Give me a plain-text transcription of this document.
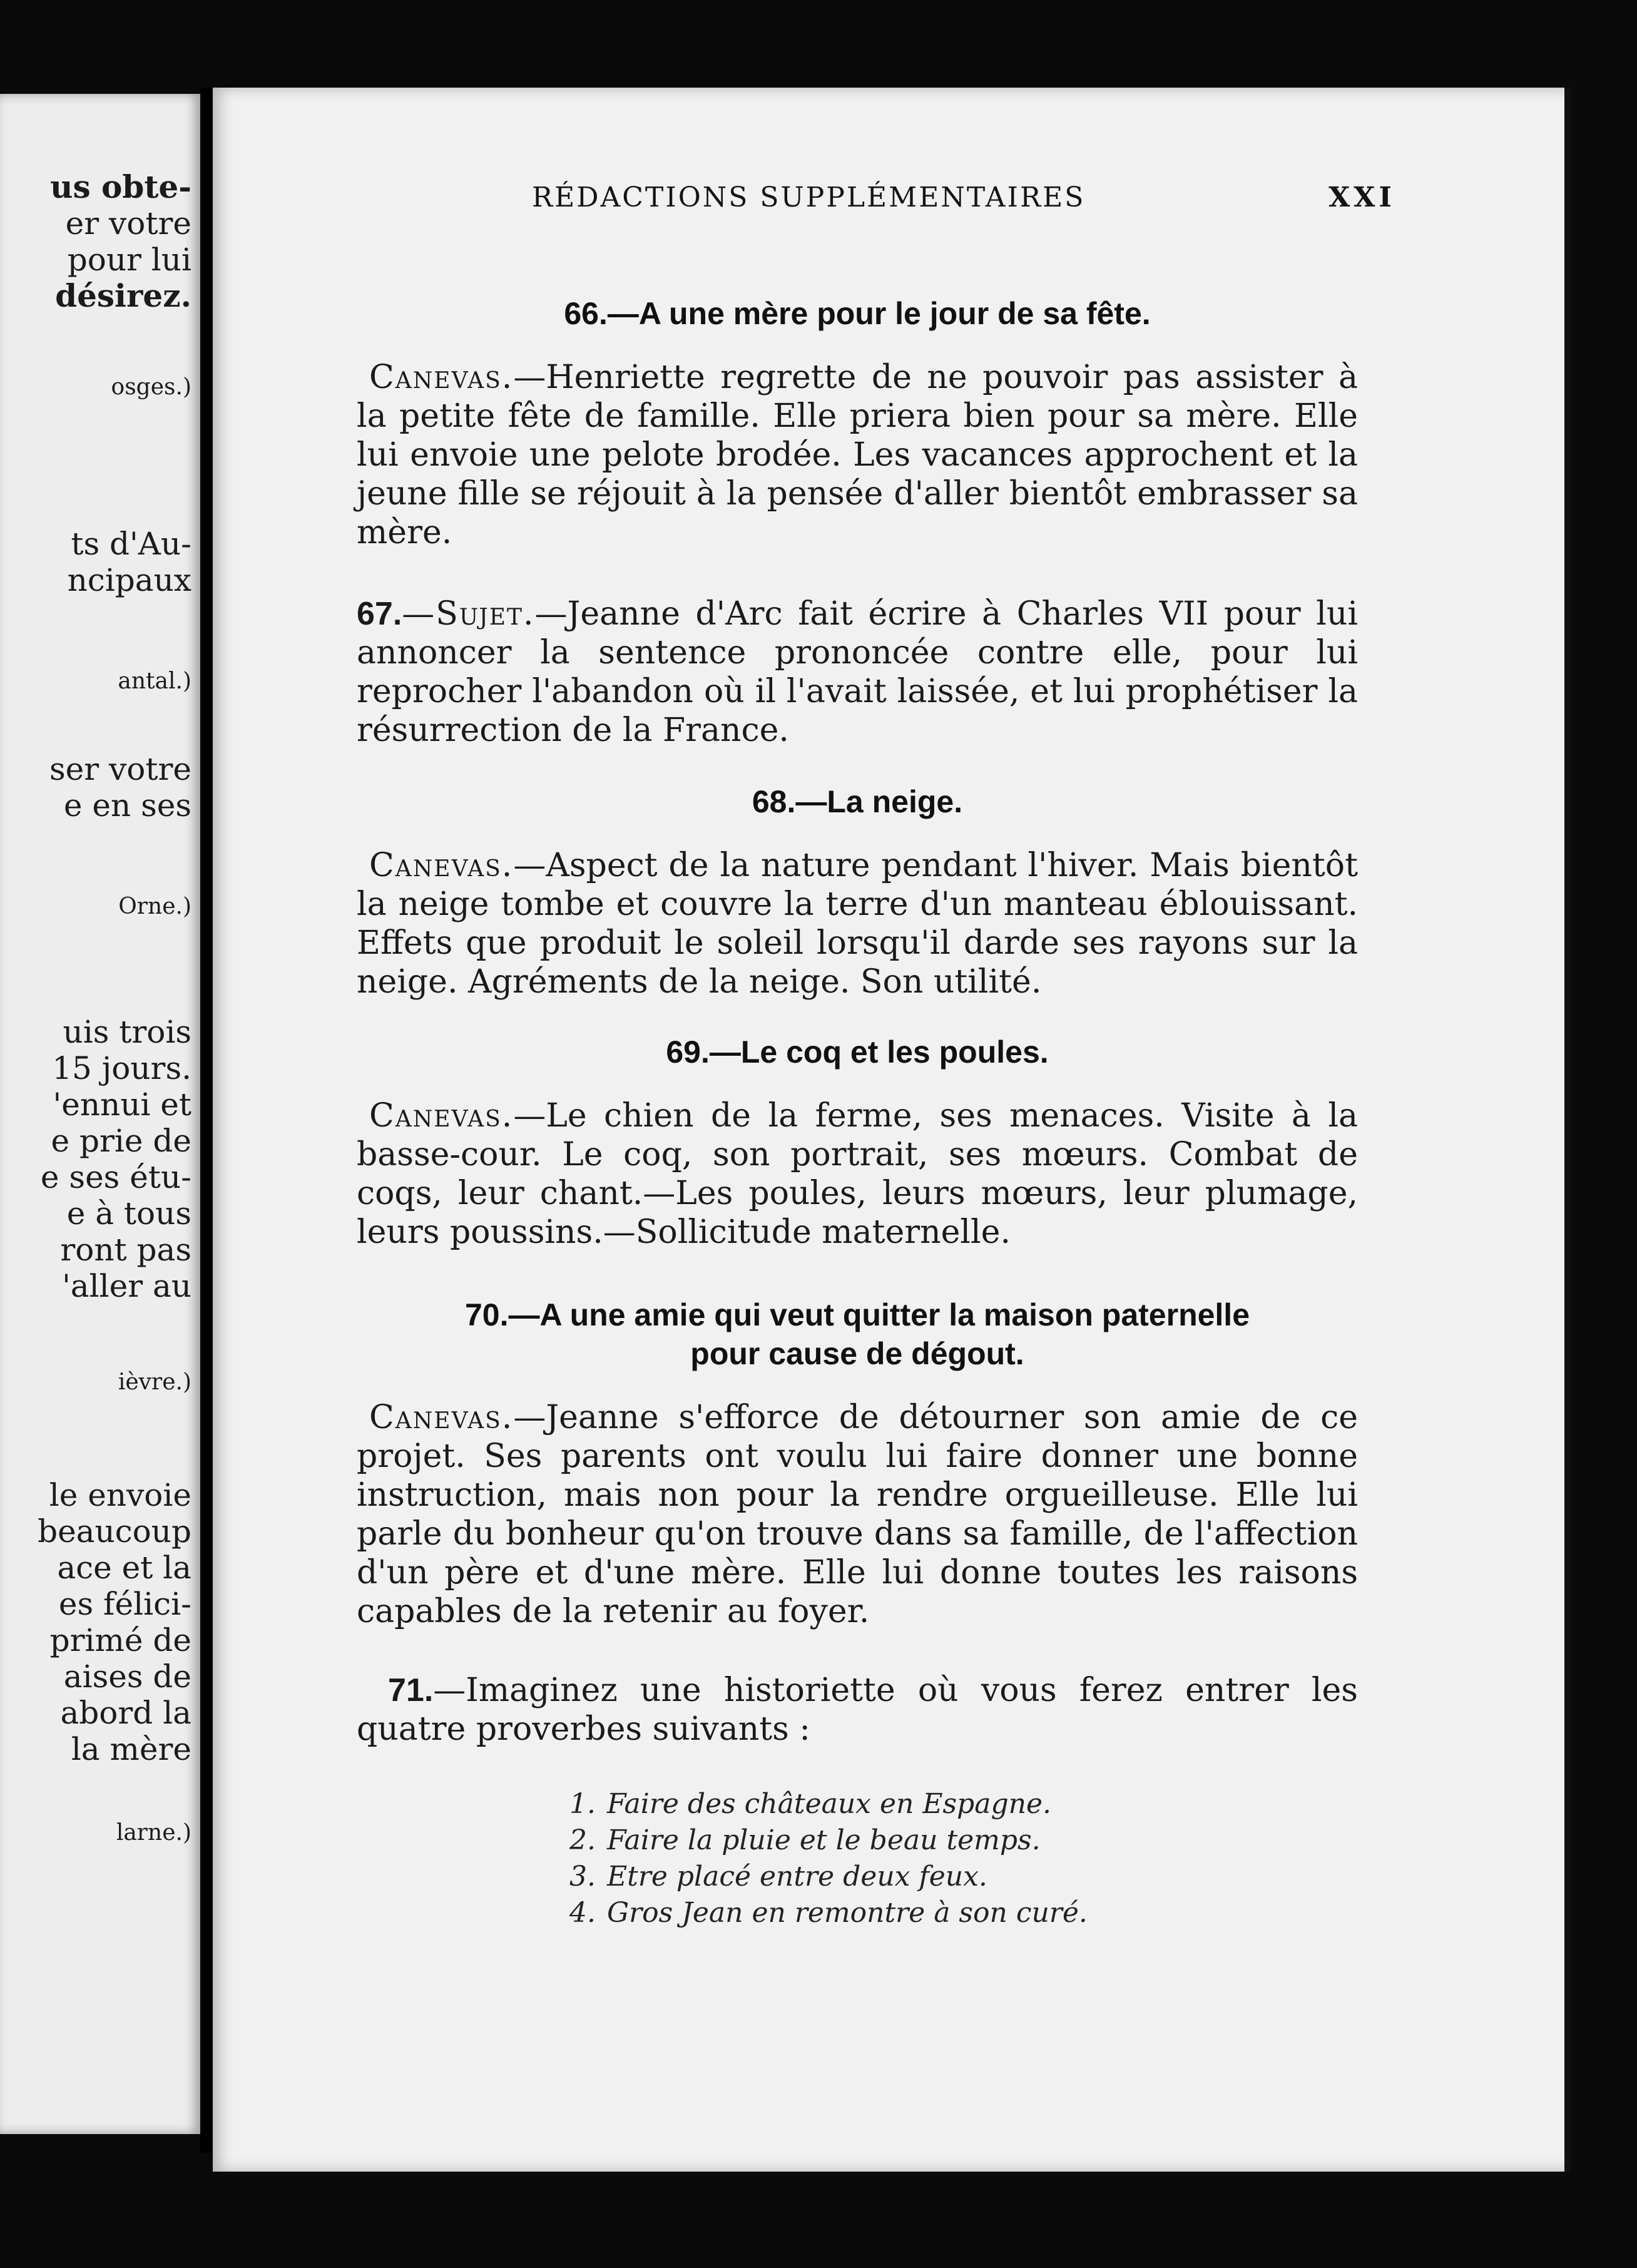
us obte-
er votre
pour lui
désirez.
osges.)
ts d'Au-
ncipaux
antal.)
ser votre
e en ses
Orne.)
uis trois
15 jours.
'ennui et
e prie de
e ses étu-
e à tous
ront pas
'aller au
ièvre.)
le envoie
beaucoup
ace et la
es félici-
primé de
aises de
abord la
la mère
larne.)
RÉDACTIONS SUPPLÉMENTAIRES	XXI
66.—A une mère pour le jour de sa fête.
Canevas.—Henriette regrette de ne pouvoir pas assister à la petite fête de famille. Elle priera bien pour sa mère. Elle lui envoie une pelote brodée. Les vacances approchent et la jeune fille se réjouit à la pensée d'aller bientôt embrasser sa mère.
67.—Sujet.—Jeanne d'Arc fait écrire à Charles VII pour lui annoncer la sentence prononcée contre elle, pour lui reprocher l'abandon où il l'avait laissée, et lui prophétiser la résurrection de la France.
68.—La neige.
Canevas.—Aspect de la nature pendant l'hiver. Mais bientôt la neige tombe et couvre la terre d'un manteau éblouissant. Effets que produit le soleil lorsqu'il darde ses rayons sur la neige. Agréments de la neige. Son utilité.
69.—Le coq et les poules.
Canevas.—Le chien de la ferme, ses menaces. Visite à la basse-cour. Le coq, son portrait, ses mœurs. Combat de coqs, leur chant.—Les poules, leurs mœurs, leur plumage, leurs poussins.—Sollicitude maternelle.
70.—A une amie qui veut quitter la maison paternelle
pour cause de dégout.
Canevas.—Jeanne s'efforce de détourner son amie de ce projet. Ses parents ont voulu lui faire donner une bonne instruction, mais non pour la rendre orgueilleuse. Elle lui parle du bonheur qu'on trouve dans sa famille, de l'affection d'un père et d'une mère. Elle lui donne toutes les raisons capables de la retenir au foyer.
71.—Imaginez une historiette où vous ferez entrer les quatre proverbes suivants :
1. Faire des châteaux en Espagne.
2. Faire la pluie et le beau temps.
3. Etre placé entre deux feux.
4. Gros Jean en remontre à son curé.
